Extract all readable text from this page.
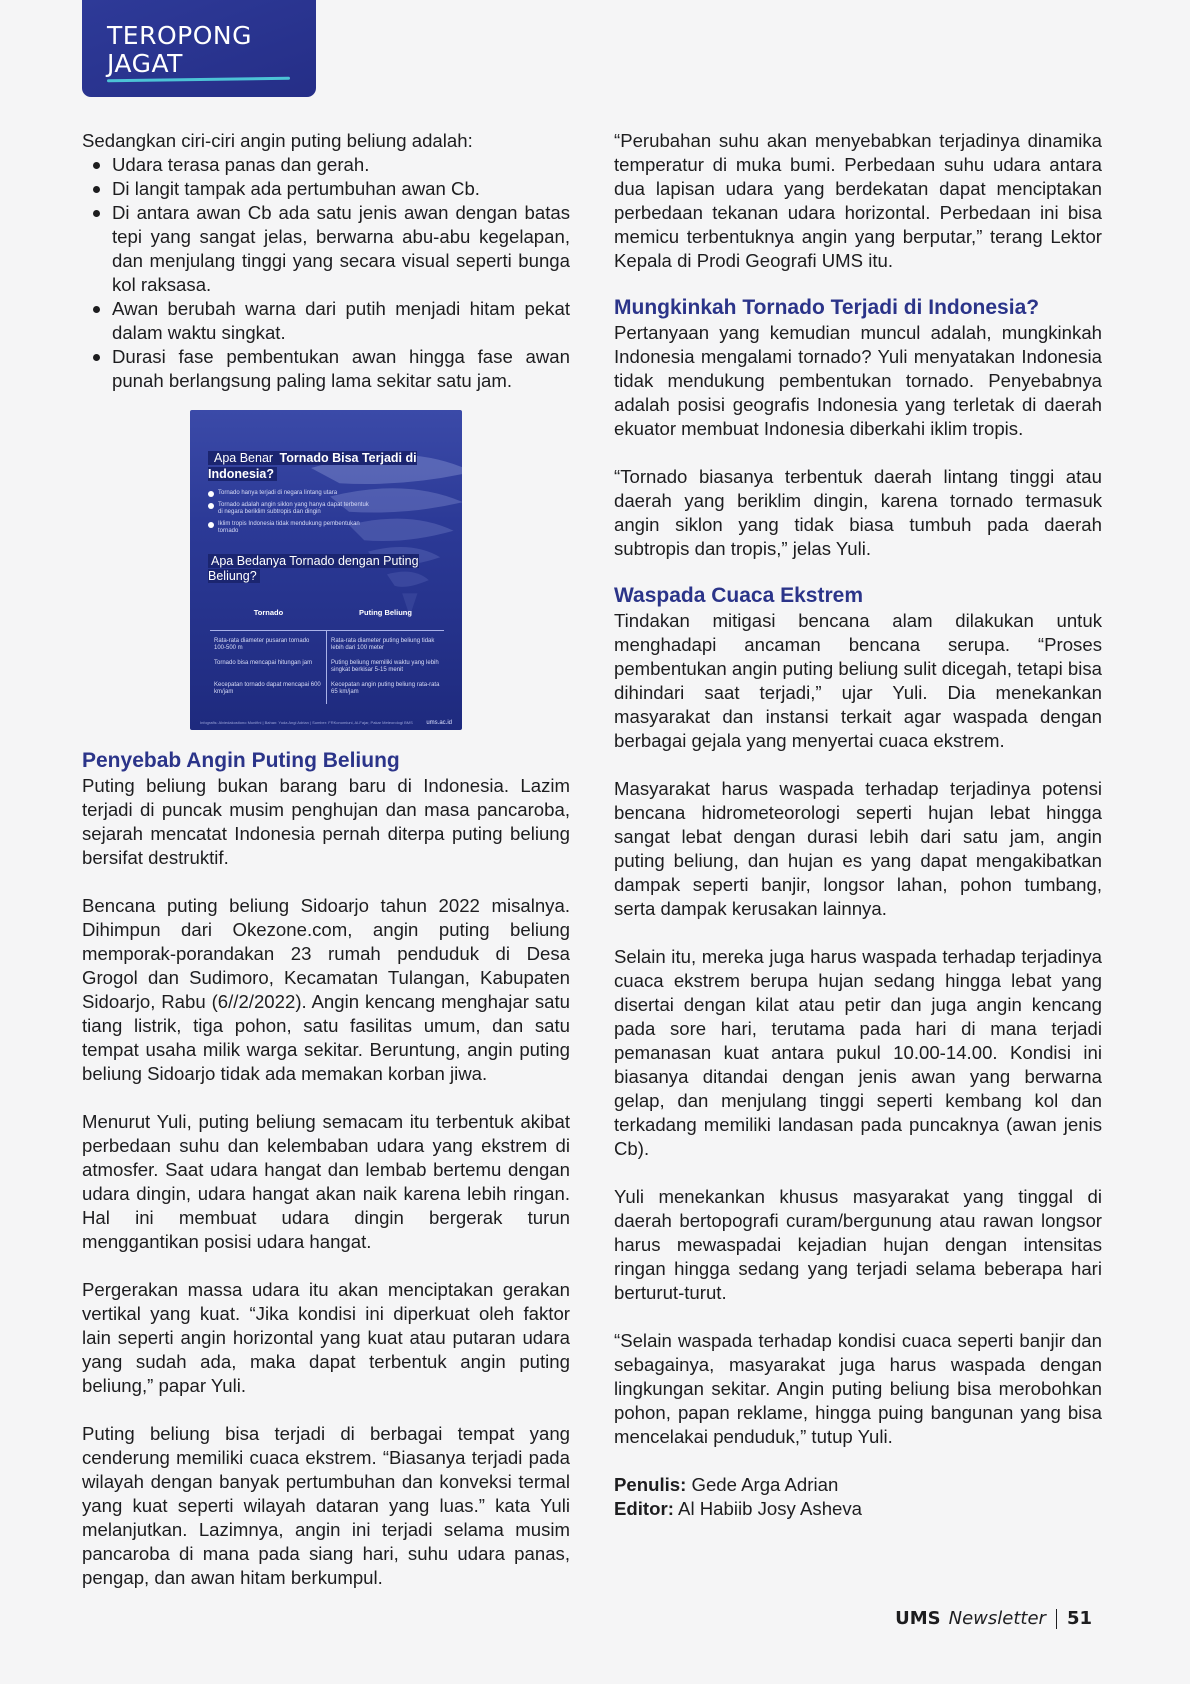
TEROPONG
JAGAT

Sedangkan ciri-ciri angin puting beliung adalah:

Udara terasa panas dan gerah.
Di langit tampak ada pertumbuhan awan Cb.
Di antara awan Cb ada satu jenis awan dengan batas tepi yang sangat jelas, berwarna abu-abu kegelapan, dan menjulang tinggi yang secara visual seperti bunga kol raksasa.
Awan berubah warna dari putih menjadi hitam pekat dalam waktu singkat.
Durasi fase pembentukan awan hingga fase awan punah berlangsung paling lama sekitar satu jam.
Apa Benar Tornado Bisa Terjadi di Indonesia?
Tornado hanya terjadi di negara lintang utara
Tornado adalah angin siklon yang hanya dapat terbentuk di negara beriklim subtropis dan dingin
Iklim tropis Indonesia tidak mendukung pembentukan tornado
Apa Bedanya Tornado dengan Puting Beliung?
Tornado	Puting Beliung
Rata-rata diameter pusaran tornado 100-500 m
Tornado bisa mencapai hitungan jam
Kecepatan tornado dapat mencapai 600 km/jam
Rata-rata diameter puting beliung tidak lebih dari 100 meter
Puting beliung memiliki waktu yang lebih singkat berkisar 5-15 menit
Kecepatan angin puting beliung rata-rata 65 km/jam
Infografis: Alviedakostiono Munifini | Bahan: Yuda Angi Adrian | Sumber: FRKonomiuni, Al-Fajar, Pakar Meteorologi BMS ums.ac.id
Penyebab Angin Puting Beliung

Puting beliung bukan barang baru di Indonesia. Lazim terjadi di puncak musim penghujan dan masa pancaroba, sejarah mencatat Indonesia pernah diterpa puting beliung bersifat destruktif.

Bencana puting beliung Sidoarjo tahun 2022 misalnya. Dihimpun dari Okezone.com, angin puting beliung memporak-porandakan 23 rumah penduduk di Desa Grogol dan Sudimoro, Kecamatan Tulangan, Kabupaten Sidoarjo, Rabu (6//2/2022). Angin kencang menghajar satu tiang listrik, tiga pohon, satu fasilitas umum, dan satu tempat usaha milik warga sekitar. Beruntung, angin puting beliung Sidoarjo tidak ada memakan korban jiwa.

Menurut Yuli, puting beliung semacam itu terbentuk akibat perbedaan suhu dan kelembaban udara yang ekstrem di atmosfer. Saat udara hangat dan lembab bertemu dengan udara dingin, udara hangat akan naik karena lebih ringan. Hal ini membuat udara dingin bergerak turun menggantikan posisi udara hangat.

Pergerakan massa udara itu akan menciptakan gerakan vertikal yang kuat. “Jika kondisi ini diperkuat oleh faktor lain seperti angin horizontal yang kuat atau putaran udara yang sudah ada, maka dapat terbentuk angin puting beliung,” papar Yuli.

Puting beliung bisa terjadi di berbagai tempat yang cenderung memiliki cuaca ekstrem. “Biasanya terjadi pada wilayah dengan banyak pertumbuhan dan konveksi termal yang kuat seperti wilayah dataran yang luas.” kata Yuli melanjutkan. Lazimnya, angin ini terjadi selama musim pancaroba di mana pada siang hari, suhu udara panas, pengap, dan awan hitam berkumpul.

“Perubahan suhu akan menyebabkan terjadinya dinamika temperatur di muka bumi. Perbedaan suhu udara antara dua lapisan udara yang berdekatan dapat menciptakan perbedaan tekanan udara horizontal. Perbedaan ini bisa memicu terbentuknya angin yang berputar,” terang Lektor Kepala di Prodi Geografi UMS itu.

Mungkinkah Tornado Terjadi di Indonesia?

Pertanyaan yang kemudian muncul adalah, mungkinkah Indonesia mengalami tornado? Yuli menyatakan Indonesia tidak mendukung pembentukan tornado. Penyebabnya adalah posisi geografis Indonesia yang terletak di daerah ekuator membuat Indonesia diberkahi iklim tropis.

“Tornado biasanya terbentuk daerah lintang tinggi atau daerah yang beriklim dingin, karena tornado termasuk angin siklon yang tidak biasa tumbuh pada daerah subtropis dan tropis,” jelas Yuli.

Waspada Cuaca Ekstrem

Tindakan mitigasi bencana alam dilakukan untuk menghadapi ancaman bencana serupa. “Proses pembentukan angin puting beliung sulit dicegah, tetapi bisa dihindari saat terjadi,” ujar Yuli. Dia menekankan masyarakat dan instansi terkait agar waspada dengan berbagai gejala yang menyertai cuaca ekstrem.

Masyarakat harus waspada terhadap terjadinya potensi bencana hidrometeorologi seperti hujan lebat hingga sangat lebat dengan durasi lebih dari satu jam, angin puting beliung, dan hujan es yang dapat mengakibatkan dampak seperti banjir, longsor lahan, pohon tumbang, serta dampak kerusakan lainnya.

Selain itu, mereka juga harus waspada terhadap terjadinya cuaca ekstrem berupa hujan sedang hingga lebat yang disertai dengan kilat atau petir dan juga angin kencang pada sore hari, terutama pada hari di mana terjadi pemanasan kuat antara pukul 10.00-14.00. Kondisi ini biasanya ditandai dengan jenis awan yang berwarna gelap, dan menjulang tinggi seperti kembang kol dan terkadang memiliki landasan pada puncaknya (awan jenis Cb).

Yuli menekankan khusus masyarakat yang tinggal di daerah bertopografi curam/bergunung atau rawan longsor harus mewaspadai kejadian hujan dengan intensitas ringan hingga sedang yang terjadi selama beberapa hari berturut-turut.

“Selain waspada terhadap kondisi cuaca seperti banjir dan sebagainya, masyarakat juga harus waspada dengan lingkungan sekitar. Angin puting beliung bisa merobohkan pohon, papan reklame, hingga puing bangunan yang bisa mencelakai penduduk,” tutup Yuli.

Penulis: Gede Arga Adrian
Editor: Al Habiib Josy Asheva
UMS Newsletter 51
